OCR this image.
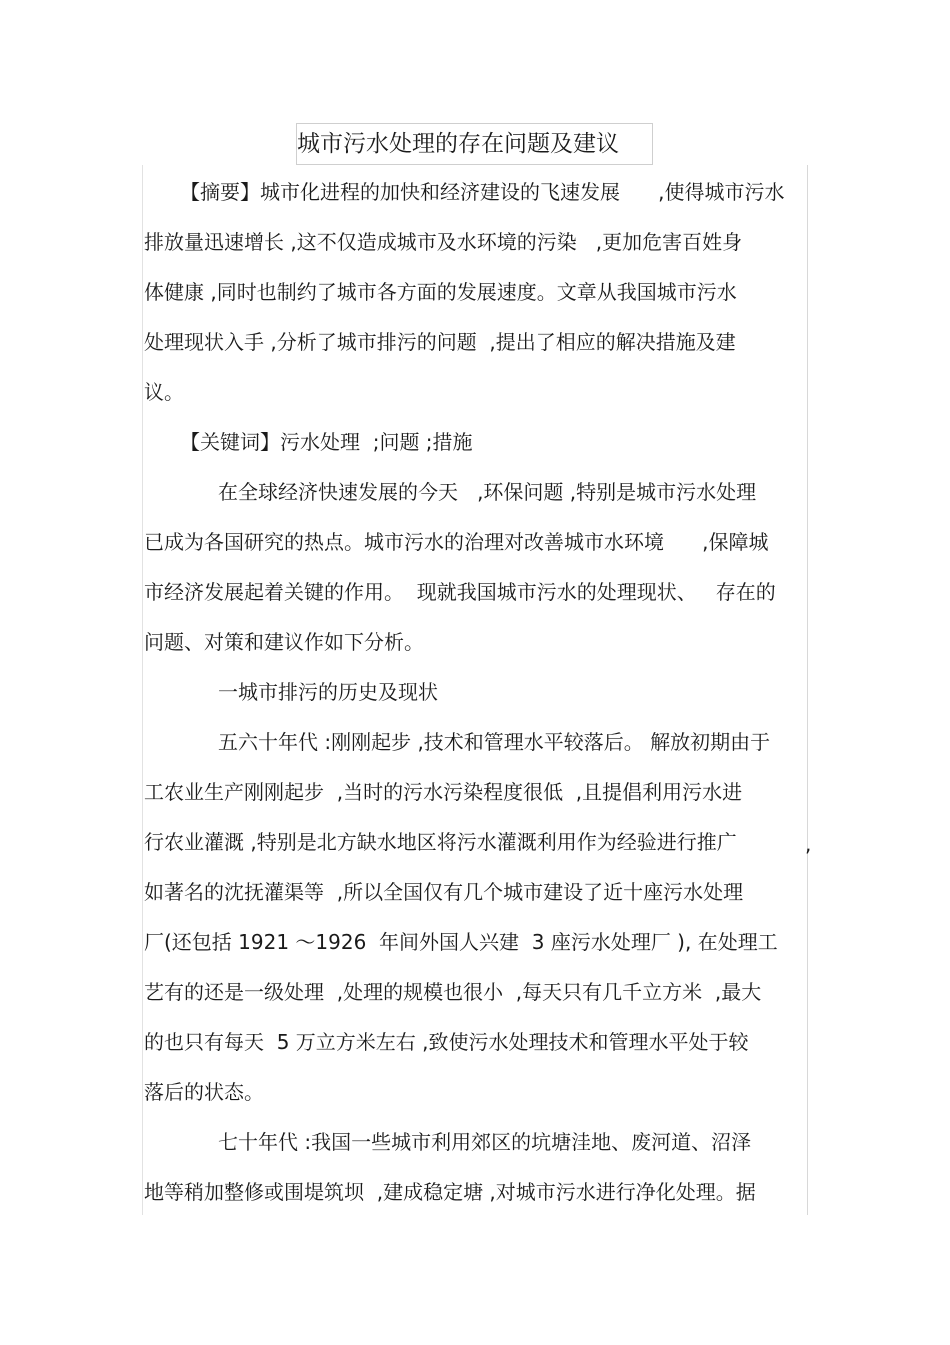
城市污水处理的存在问题及建议
【摘要】城市化进程的加快和经济建设的飞速发展      ,使得城市污水
排放量迅速增长 ,这不仅造成城市及水环境的污染   ,更加危害百姓身
体健康 ,同时也制约了城市各方面的发展速度。文章从我国城市污水
处理现状入手 ,分析了城市排污的问题  ,提出了相应的解决措施及建
议。
【关键词】污水处理  ;问题 ;措施
在全球经济快速发展的今天   ,环保问题 ,特别是城市污水处理
已成为各国研究的热点。城市污水的治理对改善城市水环境      ,保障城
市经济发展起着关键的作用。  现就我国城市污水的处理现状、   存在的
问题、对策和建议作如下分析。
一城市排污的历史及现状
五六十年代 :刚刚起步 ,技术和管理水平较落后。 解放初期由于
工农业生产刚刚起步  ,当时的污水污染程度很低  ,且提倡利用污水进
行农业灌溉 ,特别是北方缺水地区将污水灌溉利用作为经验进行推广	,
如著名的沈抚灌渠等  ,所以全国仅有几个城市建设了近十座污水处理
厂(还包括 1921 ～1926  年间外国人兴建  3 座污水处理厂 ), 在处理工
艺有的还是一级处理  ,处理的规模也很小  ,每天只有几千立方米  ,最大
的也只有每天  5 万立方米左右 ,致使污水处理技术和管理水平处于较
落后的状态。
七十年代 :我国一些城市利用郊区的坑塘洼地、废河道、沼泽
地等稍加整修或围堤筑坝  ,建成稳定塘 ,对城市污水进行净化处理。据
